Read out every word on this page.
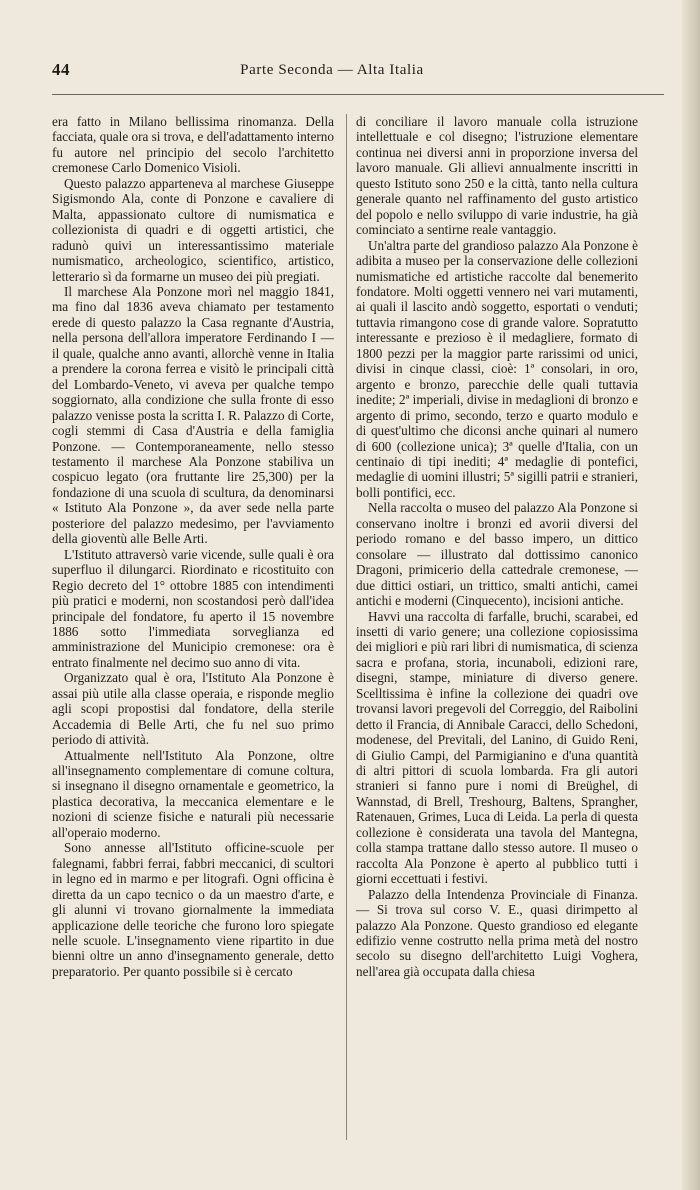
44	Parte Seconda — Alta Italia

era fatto in Milano bellissima rinomanza. Della facciata, quale ora si trova, e dell'adattamento interno fu autore nel principio del secolo l'architetto cremonese Carlo Domenico Visioli.

Questo palazzo apparteneva al marchese Giuseppe Sigismondo Ala, conte di Ponzone e cavaliere di Malta, appassionato cultore di numismatica e collezionista di quadri e di oggetti artistici, che radunò quivi un interessantissimo materiale numismatico, archeologico, scientifico, artistico, letterario sì da formarne un museo dei più pregiati.

Il marchese Ala Ponzone morì nel maggio 1841, ma fino dal 1836 aveva chiamato per testamento erede di questo palazzo la Casa regnante d'Austria, nella persona dell'allora imperatore Ferdinando I — il quale, qualche anno avanti, allorchè venne in Italia a prendere la corona ferrea e visitò le principali città del Lombardo-Veneto, vi aveva per qualche tempo soggiornato, alla condizione che sulla fronte di esso palazzo venisse posta la scritta I. R. Palazzo di Corte, cogli stemmi di Casa d'Austria e della famiglia Ponzone. — Contemporaneamente, nello stesso testamento il marchese Ala Ponzone stabiliva un cospicuo legato (ora fruttante lire 25,300) per la fondazione di una scuola di scultura, da denominarsi « Istituto Ala Ponzone », da aver sede nella parte posteriore del palazzo medesimo, per l'avviamento della gioventù alle Belle Arti.

L'Istituto attraversò varie vicende, sulle quali è ora superfluo il dilungarci. Riordinato e ricostituito con Regio decreto del 1° ottobre 1885 con intendimenti più pratici e moderni, non scostandosi però dall'idea principale del fondatore, fu aperto il 15 novembre 1886 sotto l'immediata sorveglianza ed amministrazione del Municipio cremonese: ora è entrato finalmente nel decimo suo anno di vita.

Organizzato qual è ora, l'Istituto Ala Ponzone è assai più utile alla classe operaia, e risponde meglio agli scopi propostisi dal fondatore, della sterile Accademia di Belle Arti, che fu nel suo primo periodo di attività.

Attualmente nell'Istituto Ala Ponzone, oltre all'insegnamento complementare di comune coltura, si insegnano il disegno ornamentale e geometrico, la plastica decorativa, la meccanica elementare e le nozioni di scienze fisiche e naturali più necessarie all'operaio moderno.

Sono annesse all'Istituto officine-scuole per falegnami, fabbri ferrai, fabbri meccanici, di scultori in legno ed in marmo e per litografi. Ogni officina è diretta da un capo tecnico o da un maestro d'arte, e gli alunni vi trovano giornalmente la immediata applicazione delle teoriche che furono loro spiegate nelle scuole. L'insegnamento viene ripartito in due bienni oltre un anno d'insegnamento generale, detto preparatorio. Per quanto possibile si è cercato

di conciliare il lavoro manuale colla istruzione intellettuale e col disegno; l'istruzione elementare continua nei diversi anni in proporzione inversa del lavoro manuale. Gli allievi annualmente inscritti in questo Istituto sono 250 e la città, tanto nella cultura generale quanto nel raffinamento del gusto artistico del popolo e nello sviluppo di varie industrie, ha già cominciato a sentirne reale vantaggio.

Un'altra parte del grandioso palazzo Ala Ponzone è adibita a museo per la conservazione delle collezioni numismatiche ed artistiche raccolte dal benemerito fondatore. Molti oggetti vennero nei vari mutamenti, ai quali il lascito andò soggetto, esportati o venduti; tuttavia rimangono cose di grande valore. Sopratutto interessante e prezioso è il medagliere, formato di 1800 pezzi per la maggior parte rarissimi od unici, divisi in cinque classi, cioè: 1ª consolari, in oro, argento e bronzo, parecchie delle quali tuttavia inedite; 2ª imperiali, divise in medaglioni di bronzo e argento di primo, secondo, terzo e quarto modulo e di quest'ultimo che diconsi anche quinari al numero di 600 (collezione unica); 3ª quelle d'Italia, con un centinaio di tipi inediti; 4ª medaglie di pontefici, medaglie di uomini illustri; 5ª sigilli patrii e stranieri, bolli pontifici, ecc.

Nella raccolta o museo del palazzo Ala Ponzone si conservano inoltre i bronzi ed avorii diversi del periodo romano e del basso impero, un dittico consolare — illustrato dal dottissimo canonico Dragoni, primicerio della cattedrale cremonese, — due dittici ostiari, un trittico, smalti antichi, camei antichi e moderni (Cinquecento), incisioni antiche.

Havvi una raccolta di farfalle, bruchi, scarabei, ed insetti di vario genere; una collezione copiosissima dei migliori e più rari libri di numismatica, di scienza sacra e profana, storia, incunaboli, edizioni rare, disegni, stampe, miniature di diverso genere. Scelltissima è infine la collezione dei quadri ove trovansi lavori pregevoli del Correggio, del Raibolini detto il Francia, di Annibale Caracci, dello Schedoni, modenese, del Previtali, del Lanino, di Guido Reni, di Giulio Campi, del Parmigianino e d'una quantità di altri pittori di scuola lombarda. Fra gli autori stranieri si fanno pure i nomi di Breüghel, di Wannstad, di Brell, Treshourg, Baltens, Sprangher, Ratenauen, Grimes, Luca di Leida. La perla di questa collezione è considerata una tavola del Mantegna, colla stampa trattane dallo stesso autore. Il museo o raccolta Ala Ponzone è aperto al pubblico tutti i giorni eccettuati i festivi.

Palazzo della Intendenza Provinciale di Finanza. — Si trova sul corso V. E., quasi dirimpetto al palazzo Ala Ponzone. Questo grandioso ed elegante edifizio venne costrutto nella prima metà del nostro secolo su disegno dell'architetto Luigi Voghera, nell'area già occupata dalla chiesa
